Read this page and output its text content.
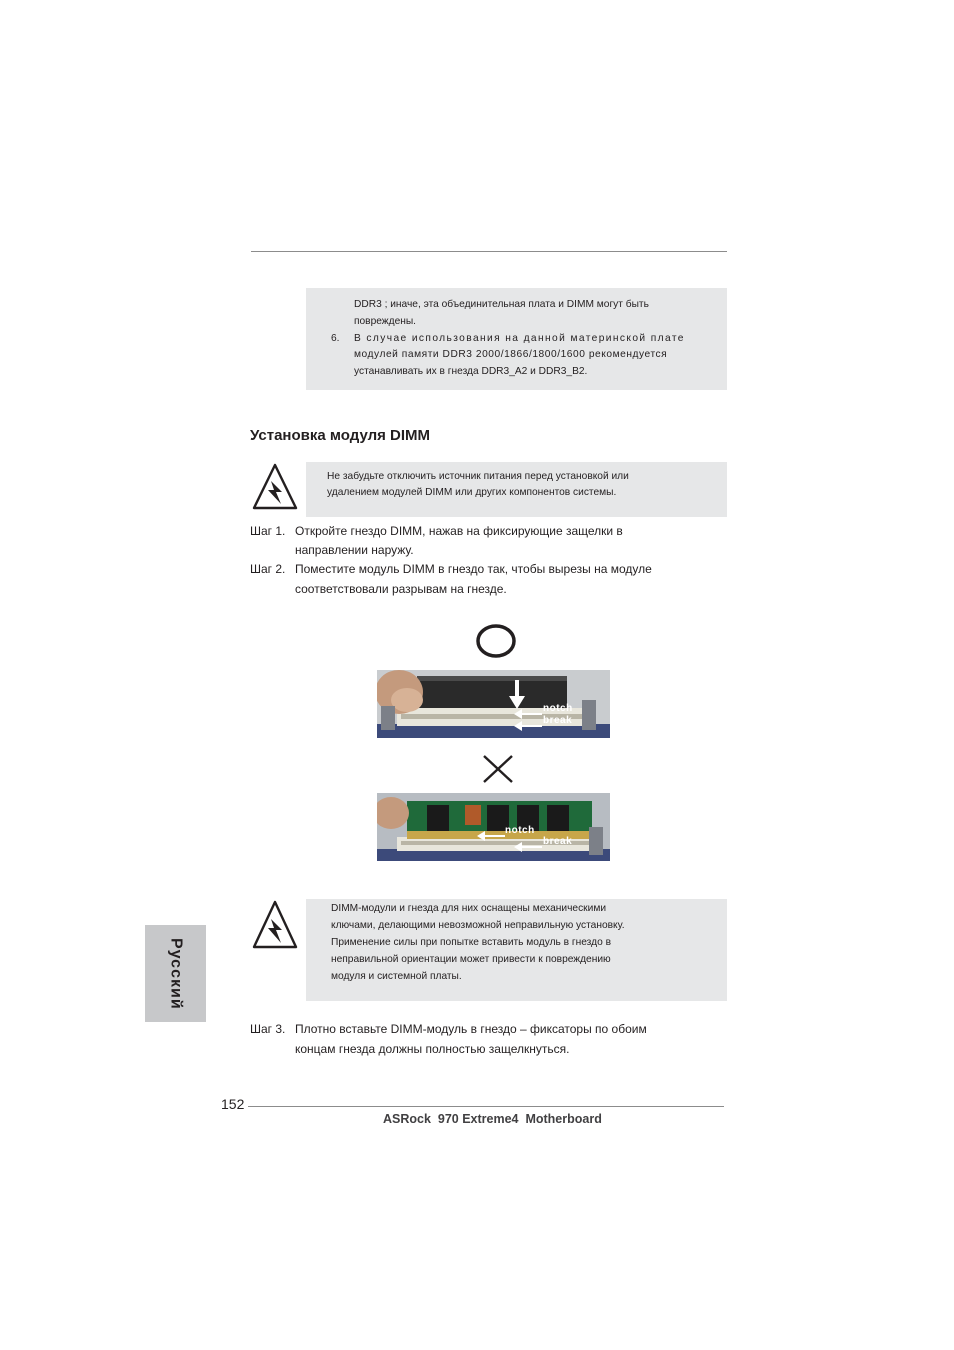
DDR3 ; иначе, эта объединительная плата и DIMM могут быть
повреждены.
6. В случае использования на данной материнской плате
модулей памяти DDR3 2000/1866/1800/1600 рекомендуется
устанавливать их в гнезда DDR3_A2 и DDR3_B2.
Установка модуля DIMM
Не забудьте отключить источник питания перед установкой или
удалением модулей DIMM или других компонентов системы.
Шаг 1. Откройте гнездо DIMM, нажав на фиксирующие защелки в
направлении наружу.
Шаг 2. Поместите модуль DIMM в гнездо так, чтобы вырезы на модуле
соответствовали разрывам на гнезде.
notch
break
notch
break
DIMM-модули и гнезда для них оснащены механическими
ключами, делающими невозможной неправильную установку.
Применение силы при попытке вставить модуль в гнездо в
неправильной ориентации может привести к повреждению
модуля и системной платы.
Русский
Шаг 3. Плотно вставьте DIMM-модуль в гнездо – фиксаторы по обоим
концам гнезда должны полностью защелкнуться.
152
ASRock  970 Extreme4  Motherboard
